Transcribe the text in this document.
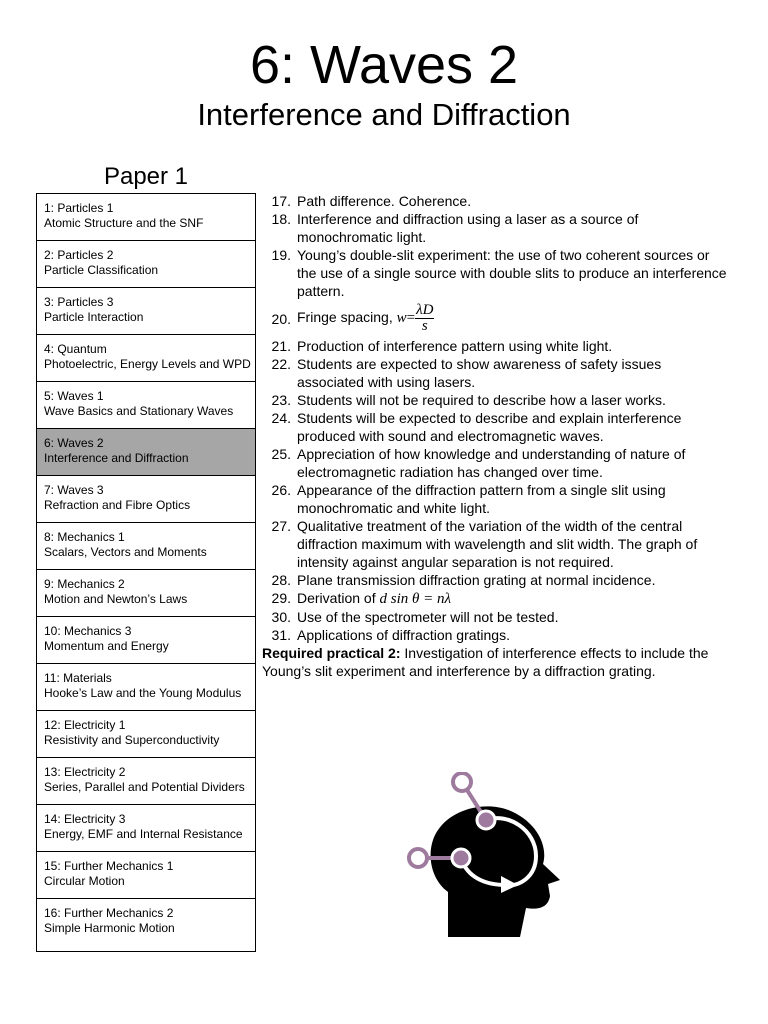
6: Waves 2
Interference and Diffraction
Paper 1
1: Particles 1
Atomic Structure and the SNF
2: Particles 2
Particle Classification
3: Particles 3
Particle Interaction
4: Quantum
Photoelectric, Energy Levels and WPD
5: Waves 1
Wave Basics and Stationary Waves
6: Waves 2
Interference and Diffraction
7: Waves 3
Refraction and Fibre Optics
8: Mechanics 1
Scalars, Vectors and Moments
9: Mechanics 2
Motion and Newton’s Laws
10: Mechanics 3
Momentum and Energy
11: Materials
Hooke’s Law and the Young Modulus
12: Electricity 1
Resistivity and Superconductivity
13: Electricity 2
Series, Parallel and Potential Dividers
14: Electricity 3
Energy, EMF and Internal Resistance
15: Further Mechanics 1
Circular Motion
16: Further Mechanics 2
Simple Harmonic Motion
17. Path difference. Coherence.
18. Interference and diffraction using a laser as a source of monochromatic light.
19. Young’s double-slit experiment: the use of two coherent sources or the use of a single source with double slits to produce an interference pattern.
20. Fringe spacing, $w= \frac{\lambda D}{s}$
21. Production of interference pattern using white light.
22. Students are expected to show awareness of safety issues associated with using lasers.
23. Students will not be required to describe how a laser works.
24. Students will be expected to describe and explain interference produced with sound and electromagnetic waves.
25. Appreciation of how knowledge and understanding of nature of electromagnetic radiation has changed over time.
26. Appearance of the diffraction pattern from a single slit using monochromatic and white light.
27. Qualitative treatment of the variation of the width of the central diffraction maximum with wavelength and slit width. The graph of intensity against angular separation is not required.
28. Plane transmission diffraction grating at normal incidence.
29. Derivation of d sin θ = nλ
30. Use of the spectrometer will not be tested.
31. Applications of diffraction gratings.
Required practical 2: Investigation of interference effects to include the Young’s slit experiment and interference by a diffraction grating.
